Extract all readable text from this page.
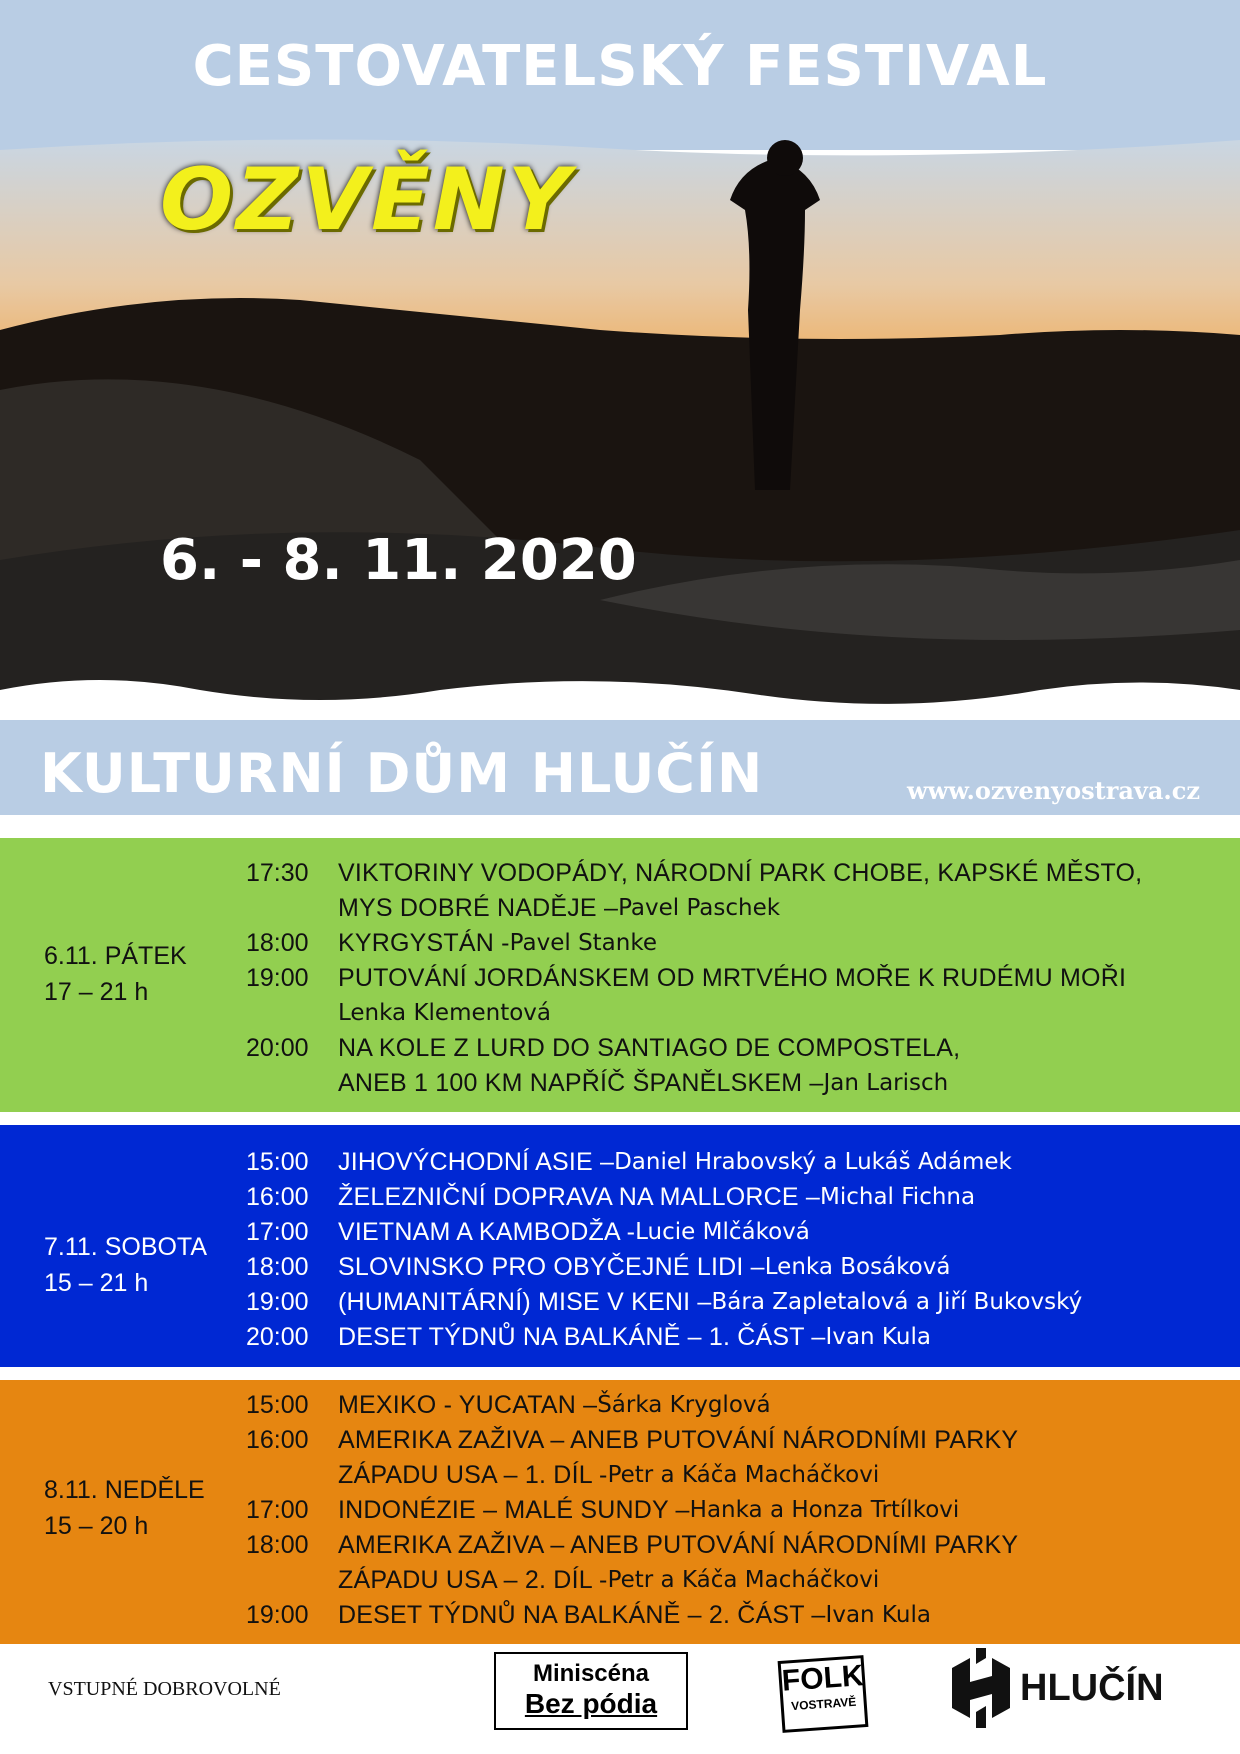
CESTOVATELSKÝ FESTIVAL
OZVĚNY
6. - 8. 11. 2020
KULTURNÍ DŮM HLUČÍN	www.ozvenyostrava.cz
6.11. PÁTEK
17 – 21 h
17:30	VIKTORINY VODOPÁDY, NÁRODNÍ PARK CHOBE, KAPSKÉ MĚSTO,
MYS DOBRÉ NADĚJE – Pavel Paschek
18:00	KYRGYSTÁN - Pavel Stanke
19:00	PUTOVÁNÍ JORDÁNSKEM OD MRTVÉHO MOŘE K RUDÉMU MOŘI
Lenka Klementová
20:00	NA KOLE Z LURD DO SANTIAGO DE COMPOSTELA,
ANEB 1 100 KM NAPŘÍČ ŠPANĚLSKEM – Jan Larisch
7.11. SOBOTA
15 – 21 h
15:00	JIHOVÝCHODNÍ ASIE – Daniel Hrabovský a Lukáš Adámek
16:00	ŽELEZNIČNÍ DOPRAVA NA MALLORCE – Michal Fichna
17:00	VIETNAM A KAMBODŽA - Lucie Mlčáková
18:00	SLOVINSKO PRO OBYČEJNÉ LIDI – Lenka Bosáková
19:00	(HUMANITÁRNÍ) MISE V KENI – Bára Zapletalová a Jiří Bukovský
20:00	DESET TÝDNŮ NA BALKÁNĚ – 1. ČÁST – Ivan Kula
8.11. NEDĚLE
15 – 20 h
15:00	MEXIKO - YUCATAN – Šárka Kryglová
16:00	AMERIKA ZAŽIVA – ANEB PUTOVÁNÍ NÁRODNÍMI PARKY
ZÁPADU USA – 1. DÍL - Petr a Káča Macháčkovi
17:00	INDONÉZIE – MALÉ SUNDY – Hanka a Honza Trtílkovi
18:00	AMERIKA ZAŽIVA – ANEB PUTOVÁNÍ NÁRODNÍMI PARKY
ZÁPADU USA – 2. DÍL - Petr a Káča Macháčkovi
19:00	DESET TÝDNŮ NA BALKÁNĚ – 2. ČÁST – Ivan Kula
VSTUPNÉ DOBROVOLNÉ
Miniscéna
Bez pódia
FOLK
VOSTRAVĚ	HLUČÍN
